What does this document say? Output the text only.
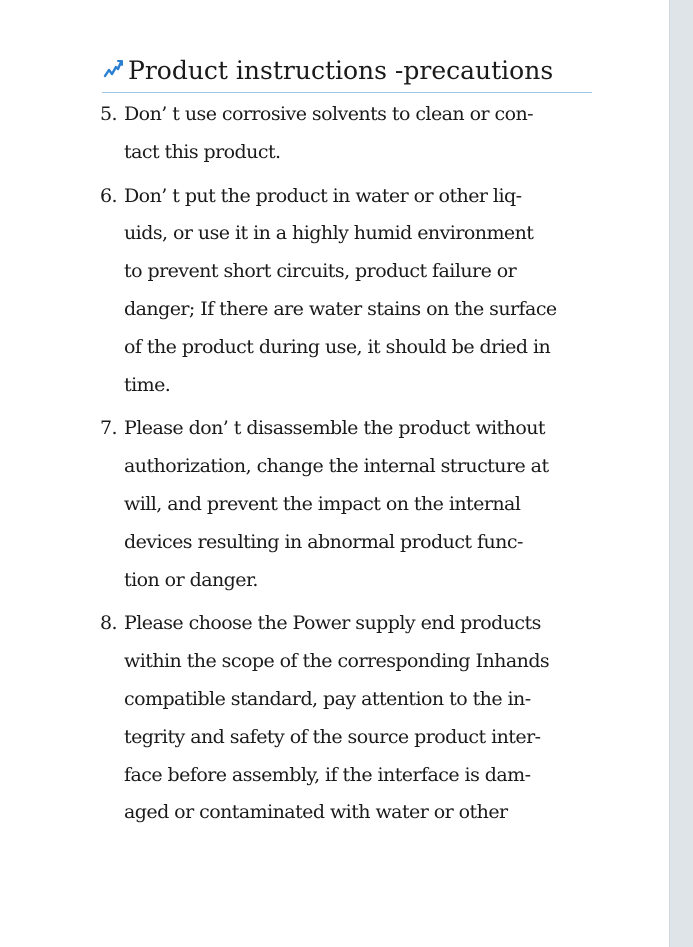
Product instructions -precautions
5. Don’ t use corrosive solvents to clean or con-
tact this product.
6. Don’ t put the product in water or other liq-
uids, or use it in a highly humid environment
to prevent short circuits, product failure or
danger; If there are water stains on the surface
of the product during use, it should be dried in
time.
7. Please don’ t disassemble the product without
authorization, change the internal structure at
will, and prevent the impact on the internal
devices resulting in abnormal product func-
tion or danger.
8. Please choose the Power supply end products
within the scope of the corresponding Inhands
compatible standard, pay attention to the in-
tegrity and safety of the source product inter-
face before assembly, if the interface is dam-
aged or contaminated with water or other
